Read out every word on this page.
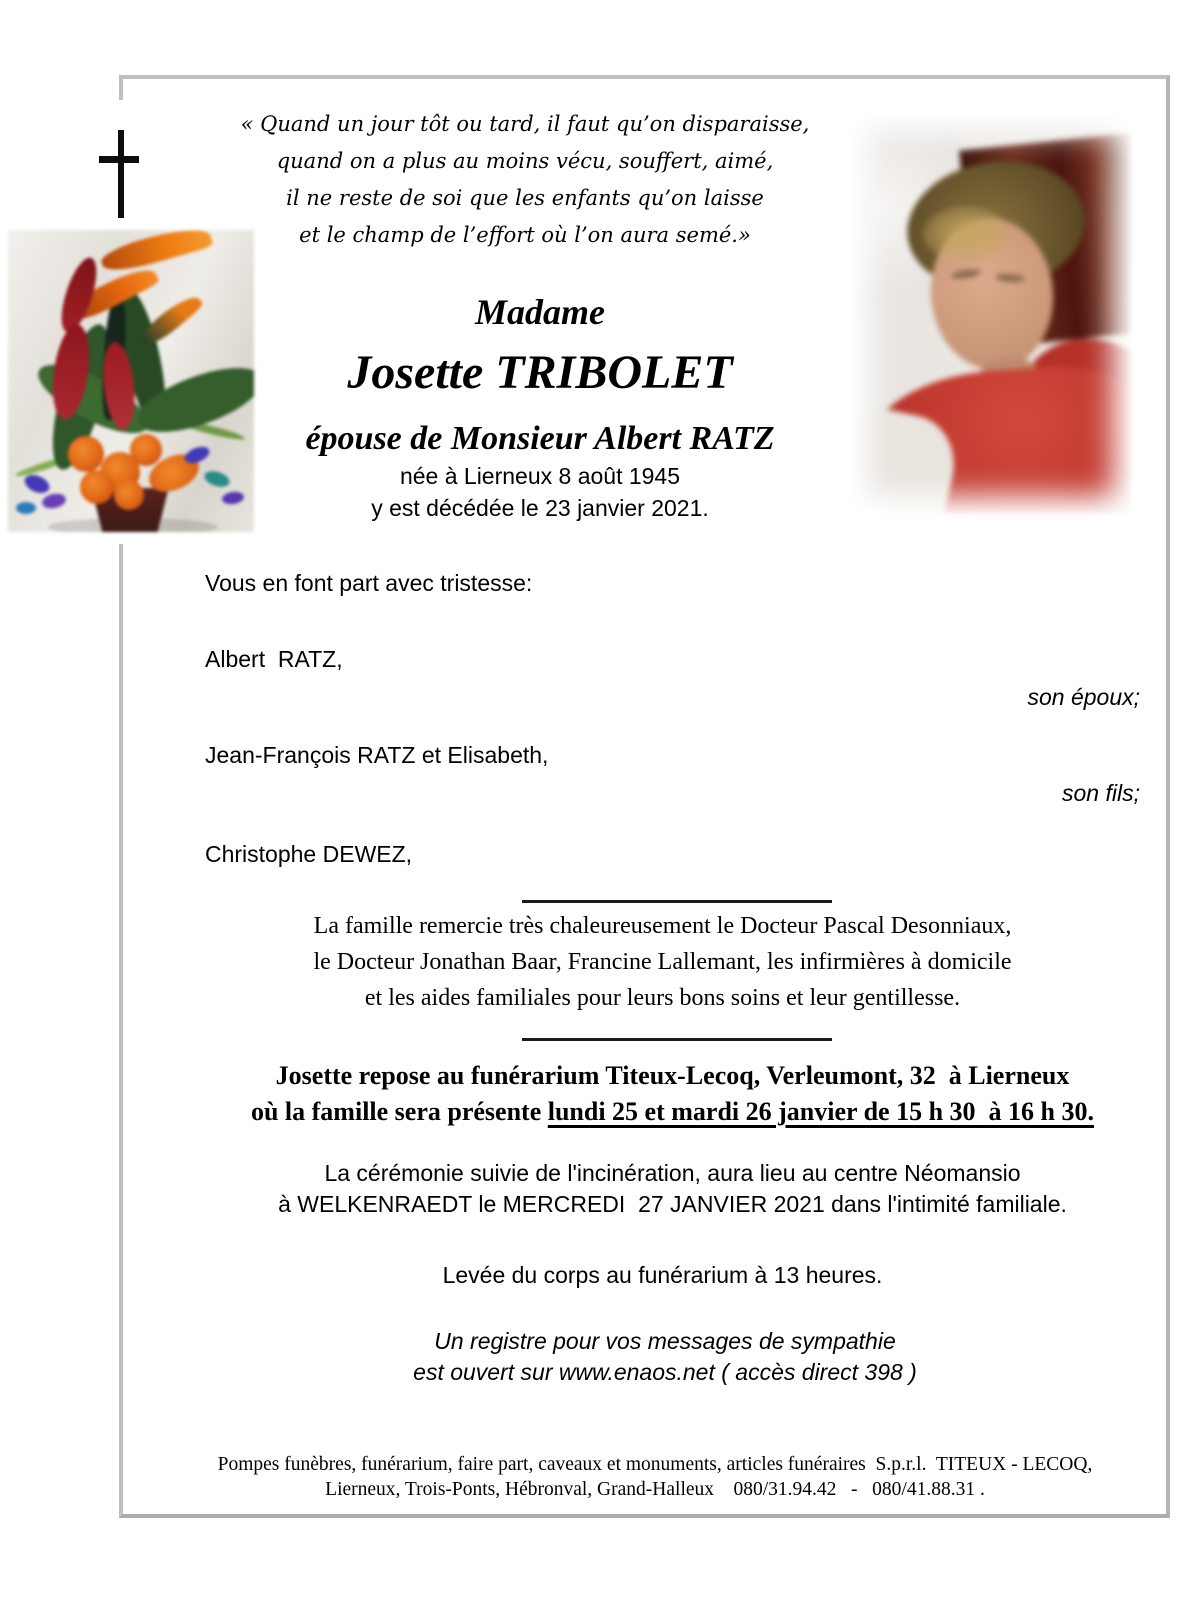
« Quand un jour tôt ou tard, il faut qu’on disparaisse,
quand on a plus au moins vécu, souffert, aimé,
il ne reste de soi que les enfants qu’on laisse
et le champ de l’effort où l’on aura semé.»
Madame
Josette TRIBOLET
épouse de Monsieur Albert RATZ
née à Lierneux 8 août 1945
y est décédée le 23 janvier 2021.
Vous en font part avec tristesse:
Albert  RATZ,
son époux;
Jean-François RATZ et Elisabeth,
son fils;
Christophe DEWEZ,
La famille remercie très chaleureusement le Docteur Pascal Desonniaux,
le Docteur Jonathan Baar, Francine Lallemant, les infirmières à domicile
et les aides familiales pour leurs bons soins et leur gentillesse.
Josette repose au funérarium Titeux-Lecoq, Verleumont, 32  à Lierneux
où la famille sera présente lundi 25 et mardi 26 janvier de 15 h 30  à 16 h 30.
La cérémonie suivie de l'incinération, aura lieu au centre Néomansio
à WELKENRAEDT le MERCREDI  27 JANVIER 2021 dans l'intimité familiale.
Levée du corps au funérarium à 13 heures.
Un registre pour vos messages de sympathie
est ouvert sur www.enaos.net ( accès direct 398 )
Pompes funèbres, funérarium, faire part, caveaux et monuments, articles funéraires  S.p.r.l.  TITEUX - LECOQ,
Lierneux, Trois-Ponts, Hébronval, Grand-Halleux    080/31.94.42   -   080/41.88.31 .
